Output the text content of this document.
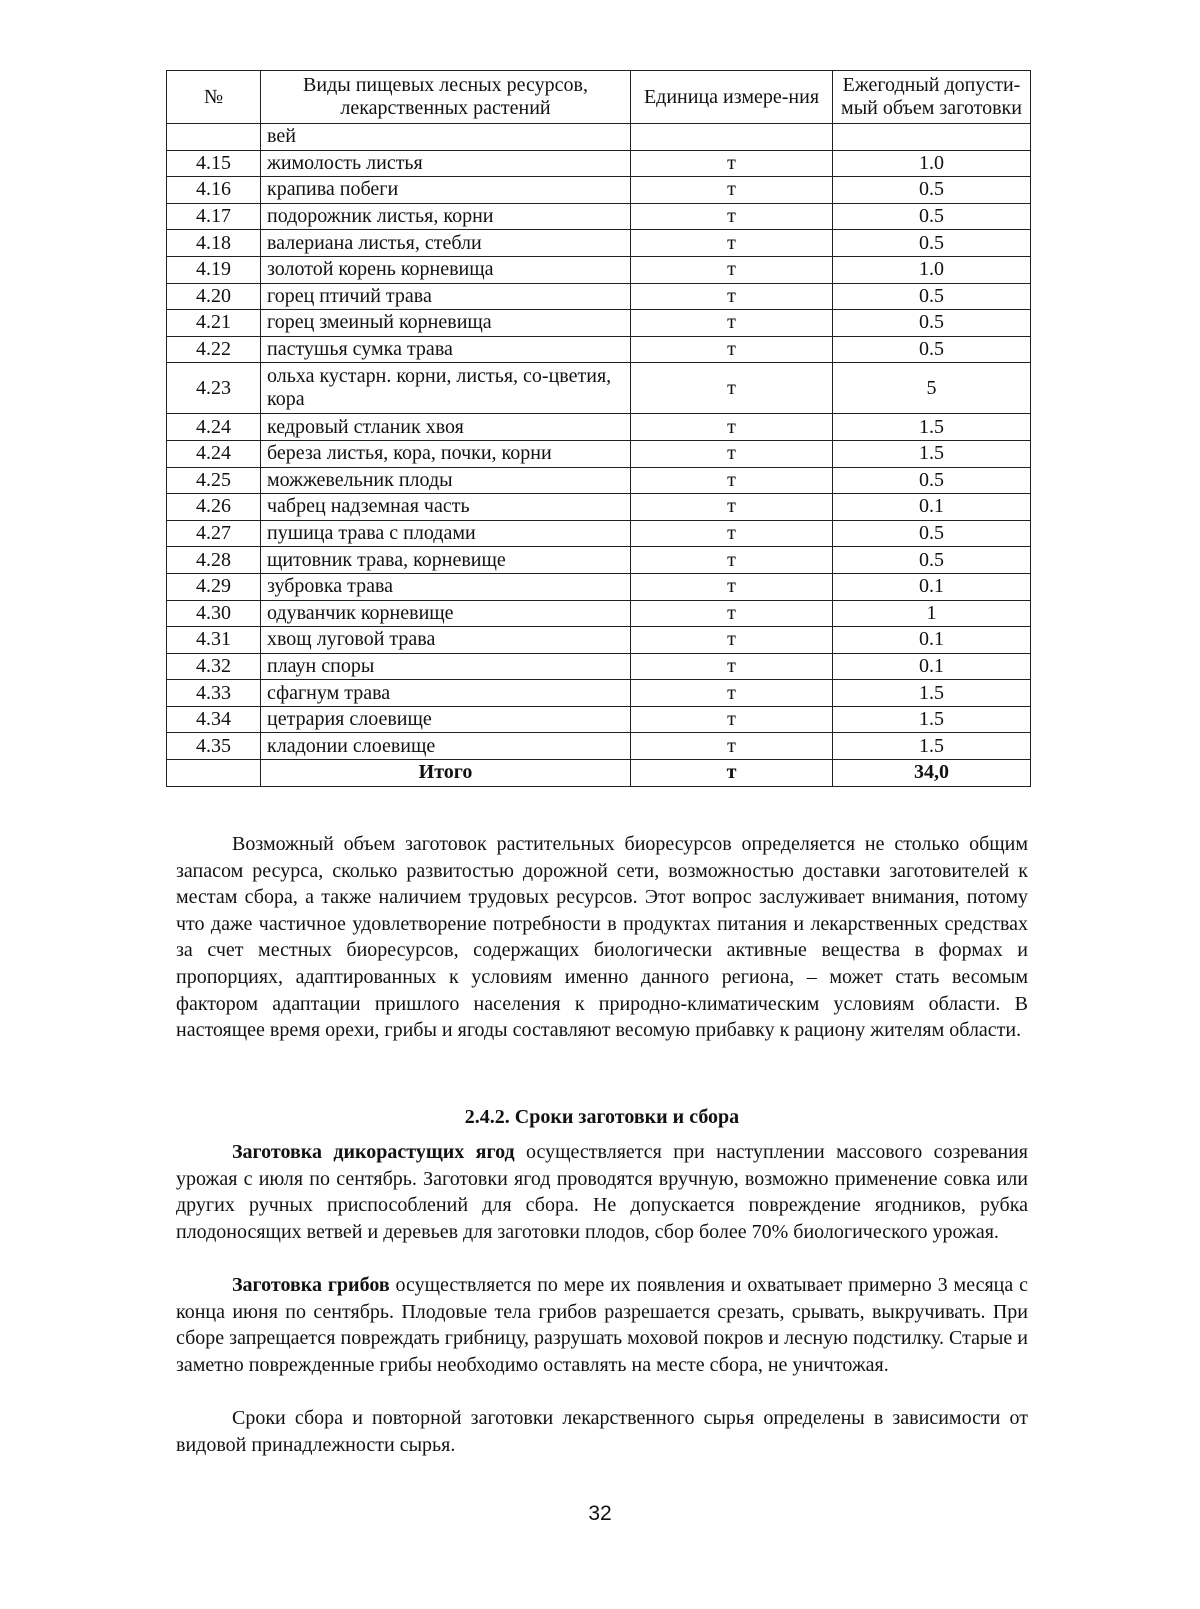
№	Виды пищевых лесных ресурсов, лекарственных растений	Единица измере-ния	Ежегодный допусти-мый объем заготовки
	вей		
4.15	жимолость листья	т	1.0
4.16	крапива побеги	т	0.5
4.17	подорожник листья, корни	т	0.5
4.18	валериана листья, стебли	т	0.5
4.19	золотой корень корневища	т	1.0
4.20	горец птичий трава	т	0.5
4.21	горец змеиный корневища	т	0.5
4.22	пастушья сумка трава	т	0.5
4.23	ольха кустарн. корни, листья, со-цветия, кора	т	5
4.24	кедровый стланик хвоя	т	1.5
4.24	береза листья, кора, почки, корни	т	1.5
4.25	можжевельник плоды	т	0.5
4.26	чабрец надземная часть	т	0.1
4.27	пушица трава с плодами	т	0.5
4.28	щитовник трава, корневище	т	0.5
4.29	зубровка трава	т	0.1
4.30	одуванчик корневище	т	1
4.31	хвощ луговой трава	т	0.1
4.32	плаун споры	т	0.1
4.33	сфагнум трава	т	1.5
4.34	цетрария слоевище	т	1.5
4.35	кладонии слоевище	т	1.5
	Итого	т	34,0

Возможный объем заготовок растительных биоресурсов определяется не столько общим запасом ресурса, сколько развитостью дорожной сети, возможностью доставки заготовителей к местам сбора, а также наличием трудовых ресурсов. Этот вопрос заслуживает внимания, потому что даже частичное удовлетворение потребности в продуктах питания и лекарственных средствах за счет местных биоресурсов, содержащих биологически активные вещества в формах и пропорциях, адаптированных к условиям именно данного региона, – может стать весомым фактором адаптации пришлого населения к природно-климатическим условиям области. В настоящее время орехи, грибы и ягоды составляют весомую прибавку к рациону жителям области.

2.4.2. Сроки заготовки и сбора

Заготовка дикорастущих ягод осуществляется при наступлении массового созревания урожая с июля по сентябрь. Заготовки ягод проводятся вручную, возможно применение совка или других ручных приспособлений для сбора. Не допускается повреждение ягодников, рубка плодоносящих ветвей и деревьев для заготовки плодов, сбор более 70% биологического урожая.

Заготовка грибов осуществляется по мере их появления и охватывает примерно 3 месяца с конца июня по сентябрь. Плодовые тела грибов разрешается срезать, срывать, выкручивать. При сборе запрещается повреждать грибницу, разрушать моховой покров и лесную подстилку. Старые и заметно поврежденные грибы необходимо оставлять на месте сбора, не уничтожая.

Сроки сбора и повторной заготовки лекарственного сырья определены в зависимости от видовой принадлежности сырья.

32
